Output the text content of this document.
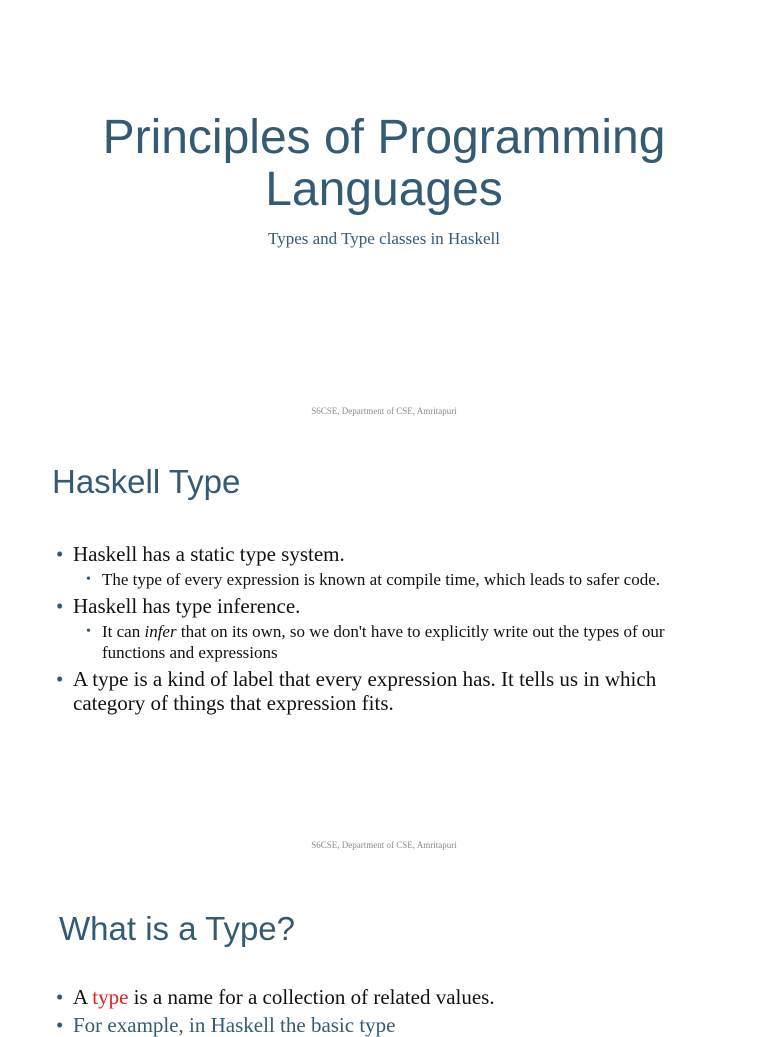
Principles of Programming
Languages
Types and Type classes in Haskell
S6CSE, Department of CSE, Amritapuri
Haskell Type
• Haskell has a static type system.
• The type of every expression is known at compile time, which leads to safer code.
• Haskell has type inference.
• It can infer that on its own, so we don't have to explicitly write out the types of our functions and expressions
• A type is a kind of label that every expression has. It tells us in which category of things that expression fits.
S6CSE, Department of CSE, Amritapuri
What is a Type?
• A type is a name for a collection of related values.
• For example, in Haskell the basic type
